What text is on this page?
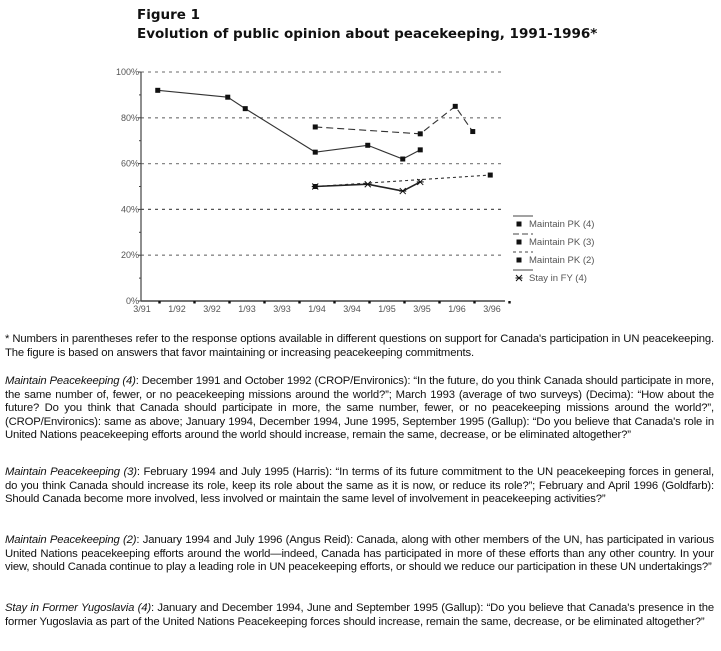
Figure 1
Evolution of public opinion about peacekeeping, 1991-1996*
0%
20%
40%
60%
80%
100%
3/91 1/92 3/92 1/93 3/93 1/94 3/94 1/95 3/95 1/96 3/96
Maintain PK (4)
Maintain PK (3)
Maintain PK (2)
Stay in FY (4)
* Numbers in parentheses refer to the response options available in different questions on support for Canada's participation in UN peacekeeping. The figure is based on answers that favor maintaining or increasing peacekeeping commitments.
Maintain Peacekeeping (4): December 1991 and October 1992 (CROP/Environics): “In the future, do you think Canada should participate in more, the same number of, fewer, or no peacekeeping missions around the world?”; March 1993 (average of two surveys) (Decima): “How about the future? Do you think that Canada should participate in more, the same number, fewer, or no peacekeeping missions around the world?”, (CROP/Environics): same as above; January 1994, December 1994, June 1995, September 1995 (Gallup): “Do you believe that Canada's role in United Nations peacekeeping efforts around the world should increase, remain the same, decrease, or be eliminated altogether?”
Maintain Peacekeeping (3): February 1994 and July 1995 (Harris): “In terms of its future commitment to the UN peacekeeping forces in general, do you think Canada should increase its role, keep its role about the same as it is now, or reduce its role?”; February and April 1996 (Goldfarb): Should Canada become more involved, less involved or maintain the same level of involvement in peacekeeping activities?”
Maintain Peacekeeping (2): January 1994 and July 1996 (Angus Reid): Canada, along with other members of the UN, has participated in various United Nations peacekeeping efforts around the world—indeed, Canada has participated in more of these efforts than any other country. In your view, should Canada continue to play a leading role in UN peacekeeping efforts, or should we reduce our participation in these UN undertakings?”
Stay in Former Yugoslavia (4): January and December 1994, June and September 1995 (Gallup): “Do you believe that Canada's presence in the former Yugoslavia as part of the United Nations Peacekeeping forces should increase, remain the same, decrease, or be eliminated altogether?”
